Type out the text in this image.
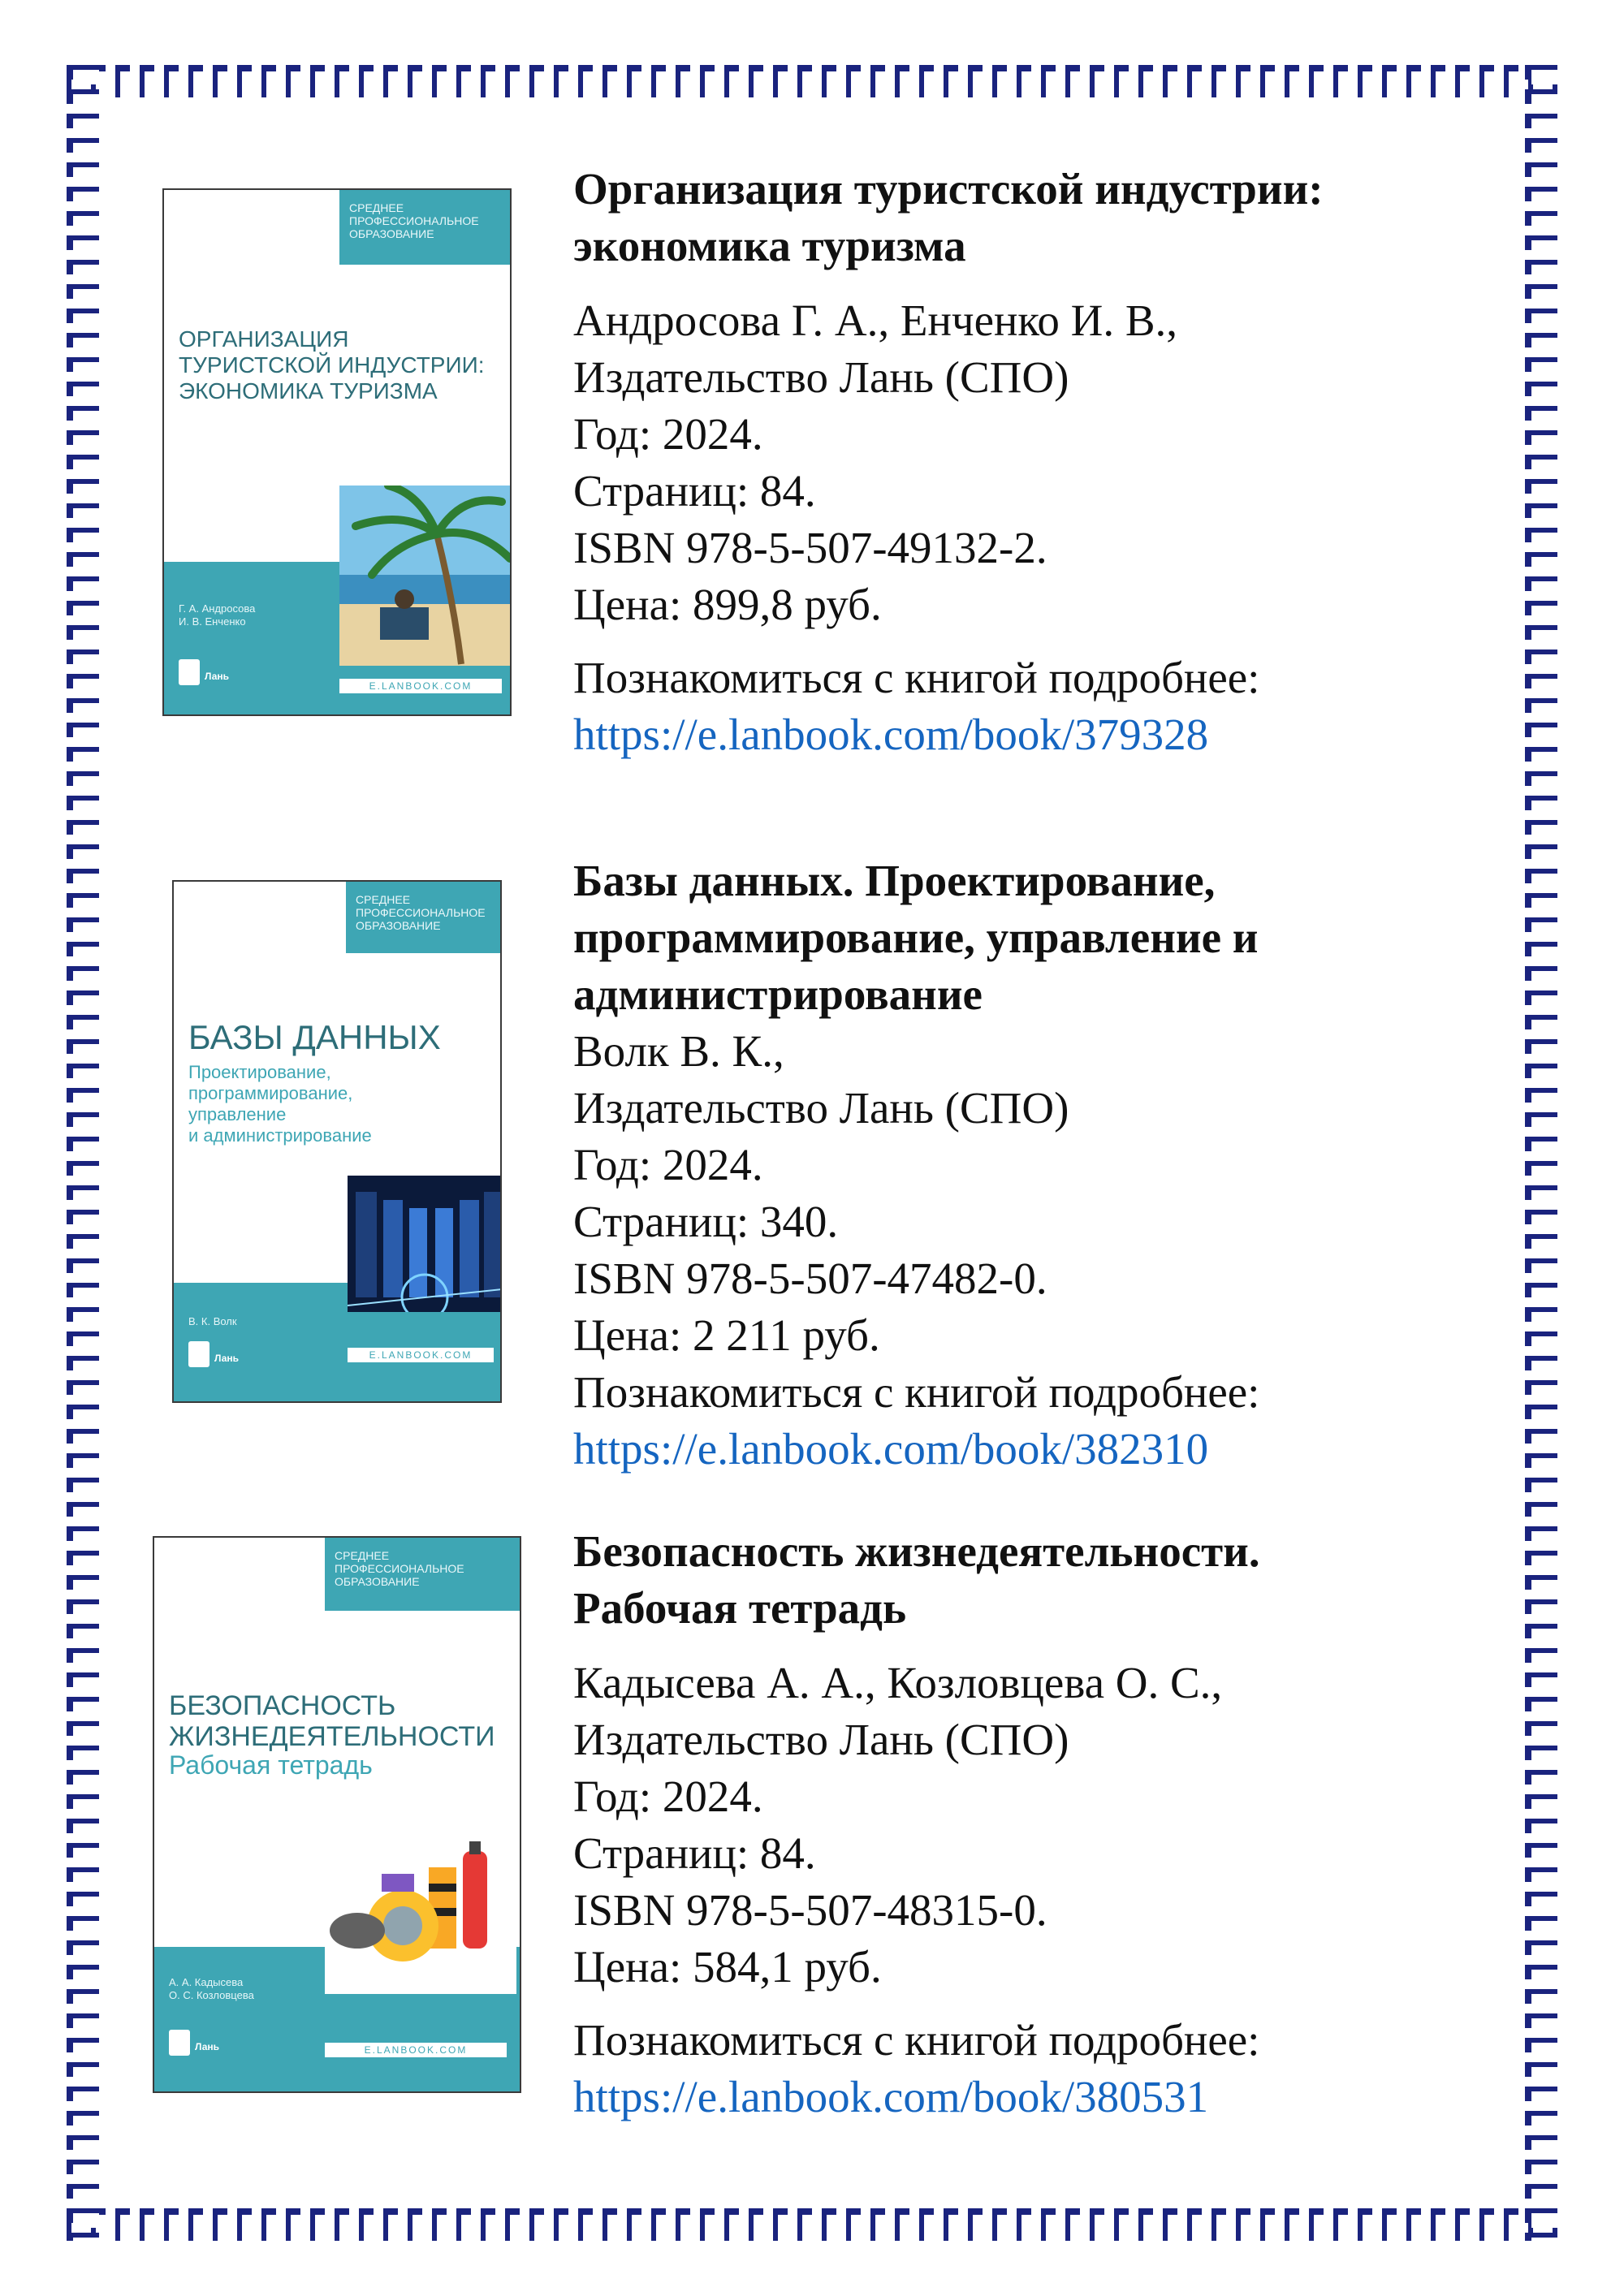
СРЕДНЕЕ ПРОФЕССИОНАЛЬНОЕ ОБРАЗОВАНИЕ
ОРГАНИЗАЦИЯ
ТУРИСТСКОЙ ИНДУСТРИИ:
ЭКОНОМИКА ТУРИЗМА
Г. А. Андросова
И. В. Енченко
Лань
E.LANBOOK.COM
Организация туристской индустрии:
экономика туризма
Андросова Г. А., Енченко И. В.,
Издательство Лань (СПО)
Год: 2024.
Страниц: 84.
ISBN 978-5-507-49132-2.
Цена: 899,8 руб.
Познакомиться с книгой подробнее:
https://e.lanbook.com/book/379328
СРЕДНЕЕ ПРОФЕССИОНАЛЬНОЕ ОБРАЗОВАНИЕ
БАЗЫ ДАННЫХ
Проектирование,
программирование,
управление
и администрирование
В. К. Волк
Лань	E.LANBOOK.COM
Базы данных. Проектирование,
программирование, управление и
администрирование
Волк В. К.,
Издательство Лань (СПО)
Год: 2024.
Страниц: 340.
ISBN 978-5-507-47482-0.
Цена: 2 211 руб.
Познакомиться с книгой подробнее:
https://e.lanbook.com/book/382310
СРЕДНЕЕ ПРОФЕССИОНАЛЬНОЕ ОБРАЗОВАНИЕ
БЕЗОПАСНОСТЬ
ЖИЗНЕДЕЯТЕЛЬНОСТИ
Рабочая тетрадь
А. А. Кадысева
О. С. Козловцева
Лань	E.LANBOOK.COM
Безопасность жизнедеятельности.
Рабочая тетрадь
Кадысева А. А., Козловцева О. С.,
Издательство Лань (СПО)
Год: 2024.
Страниц: 84.
ISBN 978-5-507-48315-0.
Цена: 584,1 руб.
Познакомиться с книгой подробнее:
https://e.lanbook.com/book/380531
